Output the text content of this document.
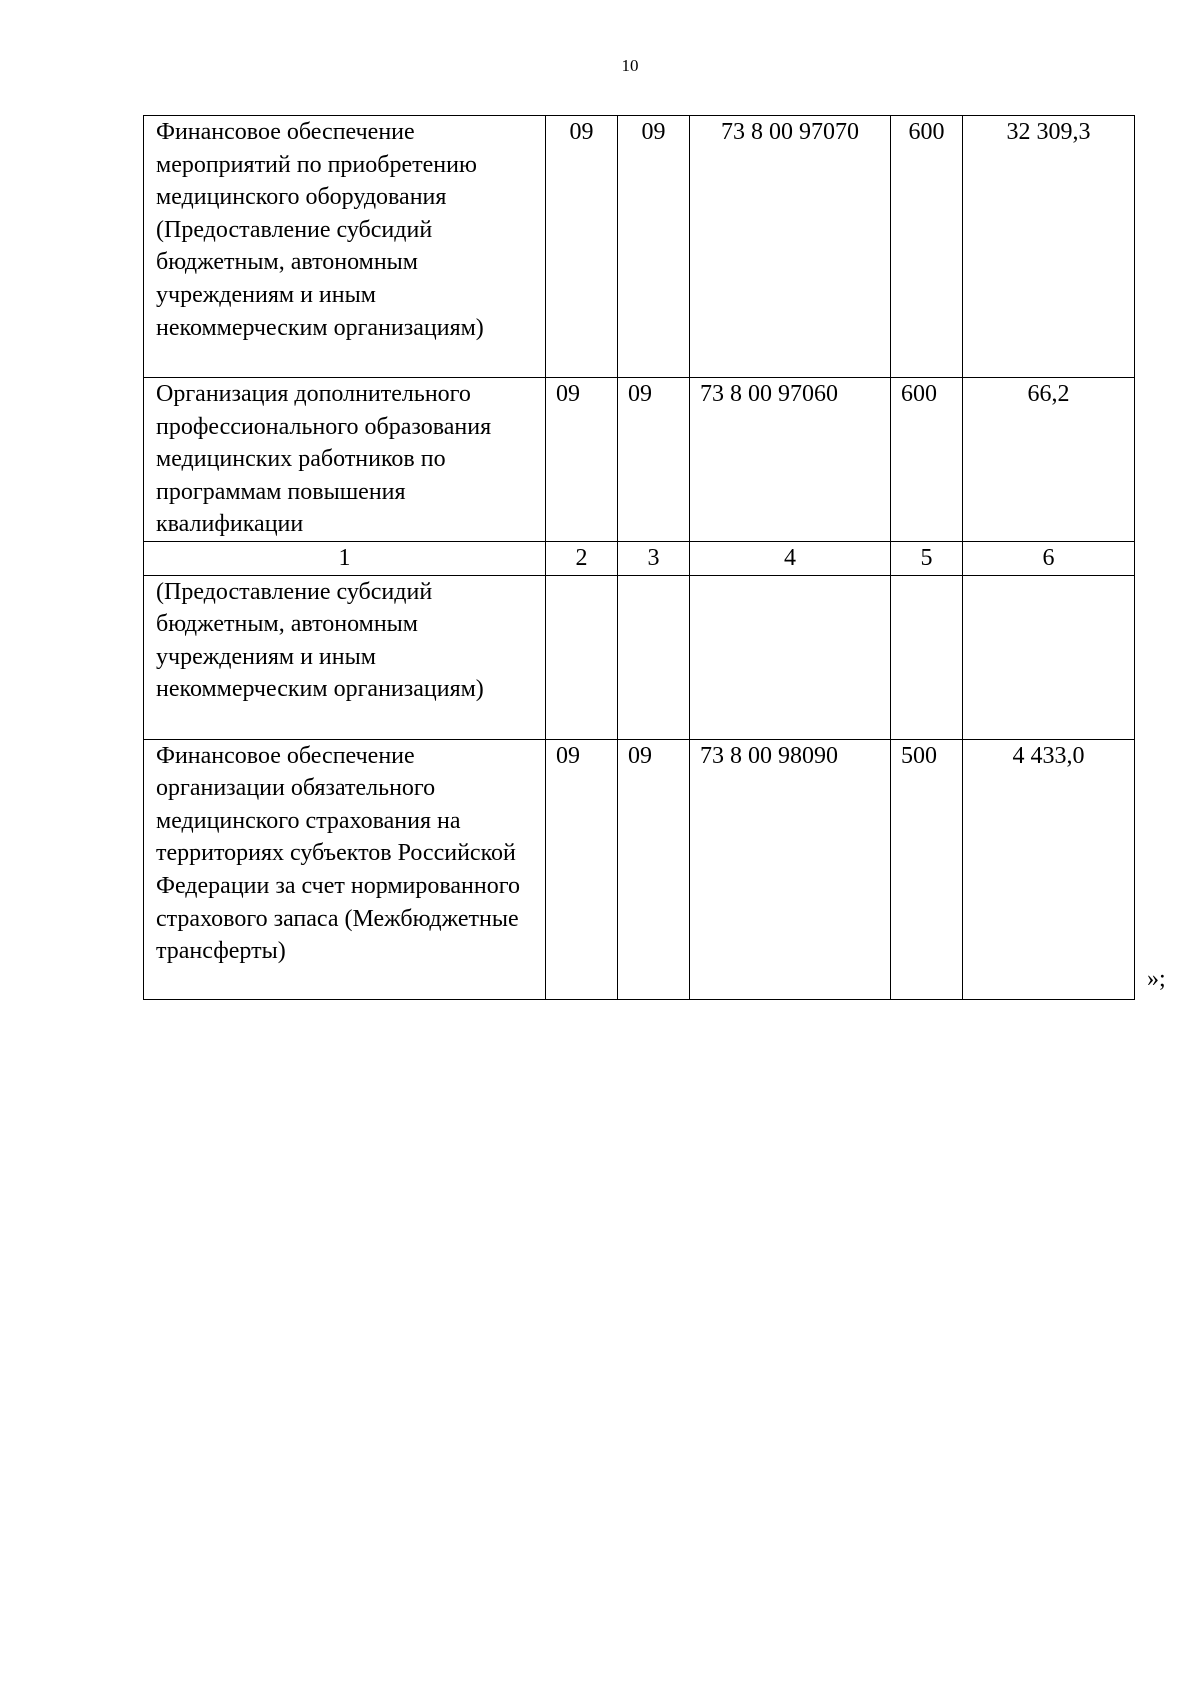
10
Финансовое обеспечение мероприятий по приобретению медицинского оборудования (Предоставление субсидий бюджетным, автономным учреждениям и иным некоммерческим организациям)	09	09	73 8 00 97070	600	32 309,3
Организация дополнительного профессионального образования медицинских работников по программам повышения квалификации	09	09	73 8 00 97060	600	66,2
1	2	3	4	5	6
(Предоставление субсидий бюджетным, автономным учреждениям и иным некоммерческим организациям)					
Финансовое обеспечение организации обязательного медицинского страхования на территориях субъектов Российской Федерации за счет нормированного страхового запаса (Межбюджетные трансферты)	09	09	73 8 00 98090	500	4 433,0
»;
